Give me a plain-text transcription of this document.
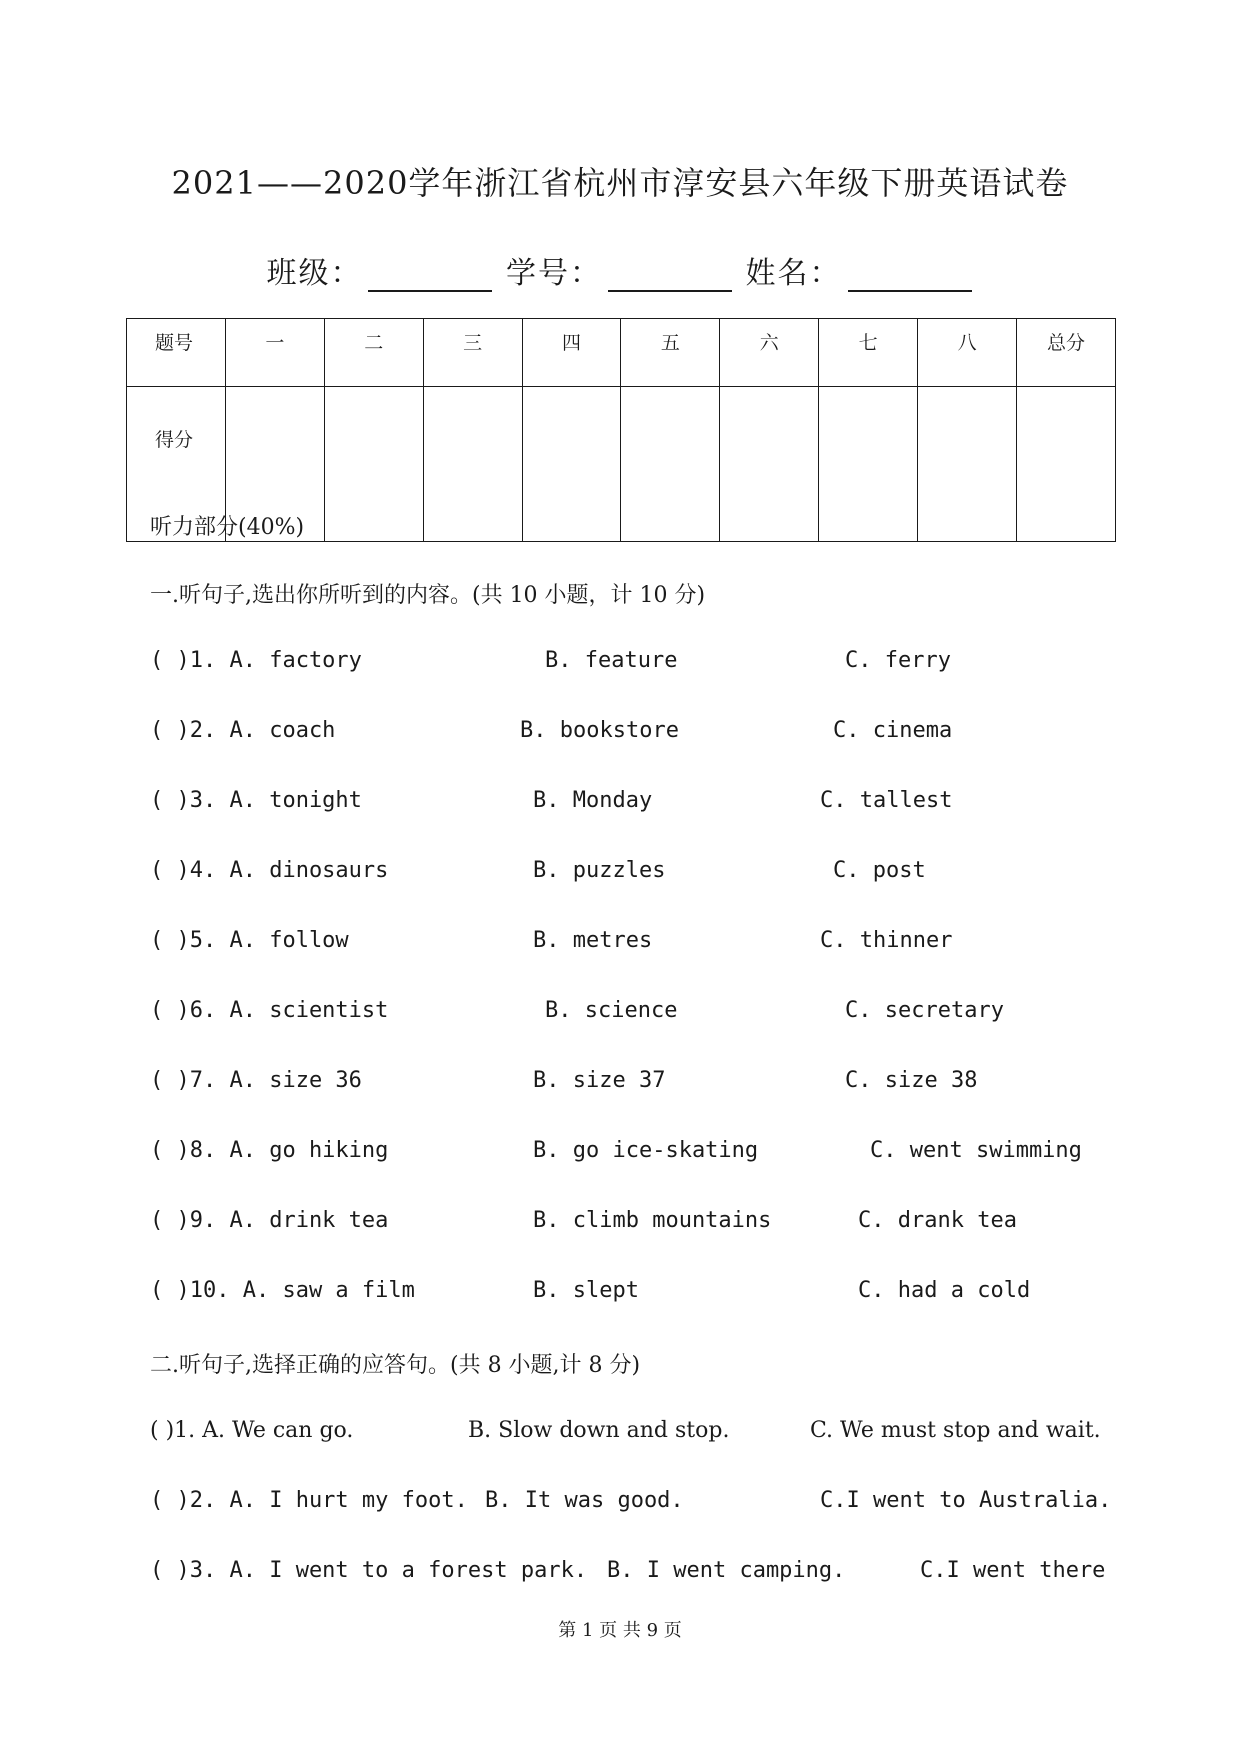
2021——2020学年浙江省杭州市淳安县六年级下册英语试卷
班级：	学号：	姓名：
题号	一	二	三	四	五	六	七	八	总分
得分									
听力部分(40%)
一.听句子,选出你所听到的内容。(共 10 小题，计 10 分)
( )1. A. factory	B. feature	C. ferry
( )2. A. coach	B. bookstore	C. cinema
( )3. A. tonight	B. Monday	C. tallest
( )4. A. dinosaurs	B. puzzles	C. post
( )5. A. follow	B. metres	C. thinner
( )6. A. scientist	B. science	C. secretary
( )7. A. size 36	B. size 37	C. size 38
( )8. A. go hiking	B. go ice-skating	C. went swimming
( )9. A. drink tea	B. climb mountains	C. drank tea
( )10. A. saw a film	B. slept	C. had a cold
二.听句子,选择正确的应答句。(共 8 小题,计 8 分)
( )1. A. We can go.	B. Slow down and stop.	C. We must stop and wait.
( )2. A. I hurt my foot. B. It was good.	C.I went to Australia.
( )3. A. I went to a forest park. B. I went camping.	C.I went there
第 1 页 共 9 页
